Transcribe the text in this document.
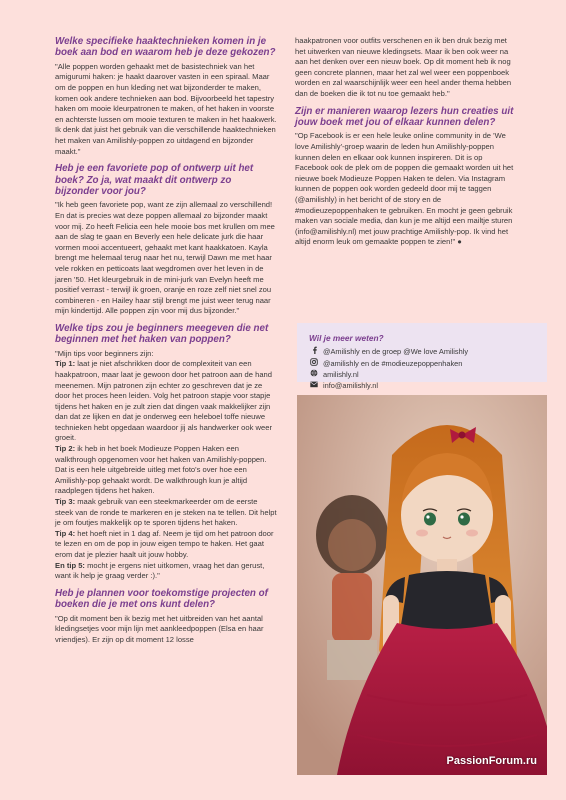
Welke specifieke haaktechnieken komen in je boek aan bod en waarom heb je deze gekozen?

"Alle poppen worden gehaakt met de basistechniek van het amigurumi haken: je haakt daarover vasten in een spiraal. Maar om de poppen en hun kleding net wat bijzonderder te maken, komen ook andere technieken aan bod. Bijvoorbeeld het tapestry haken om mooie kleurpatronen te maken, of het haken in voorste en achterste lussen om mooie texturen te maken in het haakwerk. Ik denk dat juist het gebruik van die verschillende haaktechnieken het maken van Amilishly-poppen zo uitdagend en bijzonder maakt."

Heb je een favoriete pop of ontwerp uit het boek? Zo ja, wat maakt dit ontwerp zo bijzonder voor jou?

"Ik heb geen favoriete pop, want ze zijn allemaal zo verschillend! En dat is precies wat deze poppen allemaal zo bijzonder maakt voor mij. Zo heeft Felicia een hele mooie bos met krullen om mee aan de slag te gaan en Beverly een hele delicate jurk die haar vormen mooi accentueert, gehaakt met kant haakkatoen. Kayla brengt me helemaal terug naar het nu, terwijl Dawn me met haar vele rokken en petticoats laat wegdromen over het leven in de jaren '50. Het kleurgebruik in de mini-jurk van Evelyn heeft me positief verrast - terwijl ik groen, oranje en roze zelf niet snel zou combineren - en Hailey haar stijl brengt me juist weer terug naar mijn kindertijd. Alle poppen zijn voor mij dus bijzonder."

Welke tips zou je beginners meegeven die net beginnen met het haken van poppen?

"Mijn tips voor beginners zijn:

Tip 1: laat je niet afschrikken door de complexiteit van een haakpatroon, maar laat je gewoon door het patroon aan de hand meenemen. Mijn patronen zijn echter zo geschreven dat je ze door het proces heen leiden. Volg het patroon stapje voor stapje tijdens het haken en je zult zien dat dingen vaak makkelijker zijn dan dat ze lijken en dat je onderweg een heleboel toffe nieuwe technieken hebt opgedaan waardoor jij als handwerker ook weer groeit.

Tip 2: ik heb in het boek Modieuze Poppen Haken een walkthrough opgenomen voor het haken van Amilishly-poppen. Dat is een hele uitgebreide uitleg met foto's over hoe een Amilishly-pop gehaakt wordt. De walkthrough kun je altijd raadplegen tijdens het haken.

Tip 3: maak gebruik van een steekmarkeerder om de eerste steek van de ronde te markeren en je steken na te tellen. Dit helpt je om foutjes makkelijk op te sporen tijdens het haken.

Tip 4: het hoeft niet in 1 dag af. Neem je tijd om het patroon door te lezen en om de pop in jouw eigen tempo te haken. Het gaat erom dat je plezier haalt uit jouw hobby.

En tip 5: mocht je ergens niet uitkomen, vraag het dan gerust, want ik help je graag verder :)."

Heb je plannen voor toekomstige projecten of boeken die je met ons kunt delen?

"Op dit moment ben ik bezig met het uitbreiden van het aantal kledingsetjes voor mijn lijn met aankleedpoppen (Elsa en haar vriendjes). Er zijn op dit moment 12 losse

haakpatronen voor outfits verschenen en ik ben druk bezig met het uitwerken van nieuwe kledingsets. Maar ik ben ook weer na aan het denken over een nieuw boek. Op dit moment heb ik nog geen concrete plannen, maar het zal wel weer een poppenboek worden en zal waarschijnlijk weer een heel ander thema hebben dan de boeken die ik tot nu toe gemaakt heb."

Zijn er manieren waarop lezers hun creaties uit jouw boek met jou of elkaar kunnen delen?

"Op Facebook is er een hele leuke online community in de 'We love Amilishly'-groep waarin de leden hun Amilishly-poppen kunnen delen en elkaar ook kunnen inspireren. Dit is op Facebook ook de plek om de poppen die gemaakt worden uit het nieuwe boek Modieuze Poppen Haken te delen. Via Instagram kunnen de poppen ook worden gedeeld door mij te taggen (@amilishly) in het bericht of de story en de #modieuzepoppenhaken te gebruiken. En mocht je geen gebruik maken van sociale media, dan kun je me altijd een mailtje sturen (info@amilishly.nl) met jouw prachtige Amilishly-pop. Ik vind het altijd enorm leuk om gemaakte poppen te zien!" ●

Wil je meer weten?
@Amilishly en de groep @We love Amilishly
@amilishly en de #modieuzepoppenhaken
amilishly.nl
info@amilishly.nl
PassionForum.ru
